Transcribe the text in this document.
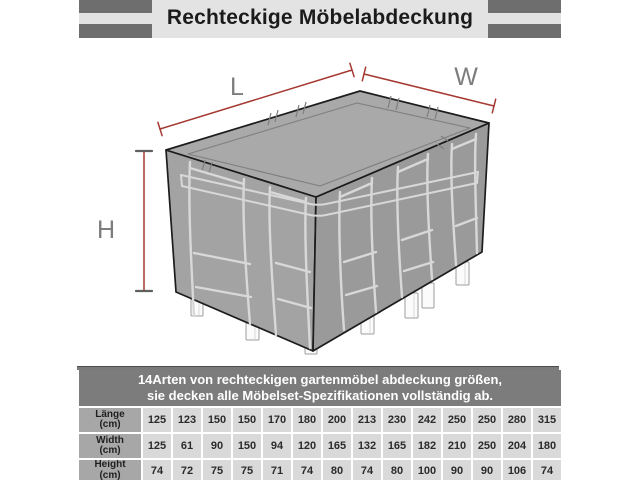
Rechteckige Möbelabdeckung
L	W
H
14Arten von rechteckigen gartenmöbel abdeckung größen,
sie decken alle Möbelset-Spezifikationen vollständig ab.
Länge
(cm)	125	123	150	150	170	180	200	213	230	242	250	250	280	315
Width
(cm)	125	61	90	150	94	120	165	132	165	182	210	250	204	180
Height
(cm)	74	72	75	75	71	74	80	74	80	100	90	90	106	74
